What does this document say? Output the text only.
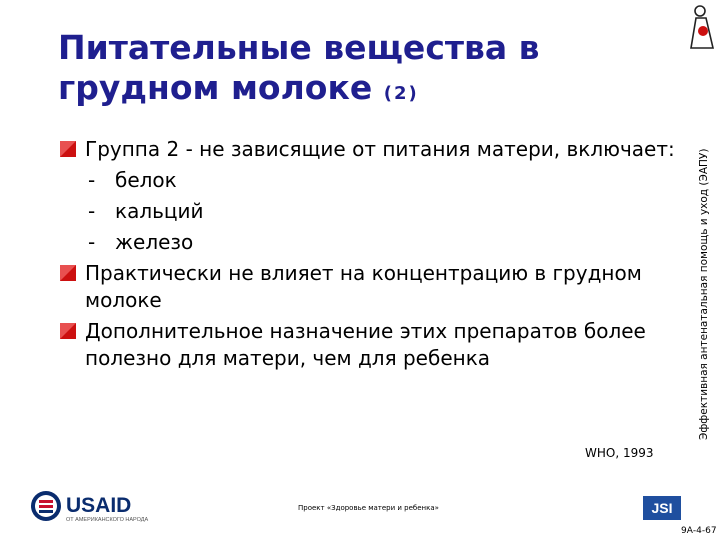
Питательные вещества в грудном молоке (2)
Эффективная антенатальная помощь и уход (ЭАПУ)

Группа 2 - не зависящие от питания матери, включает:

- белок

- кальций

- железо

Практически не влияет на концентрацию в грудном молоке

Дополнительное назначение этих препаратов более полезно для матери, чем для ребенка

WHO, 1993
USAID
ОТ АМЕРИКАНСКОГО НАРОДА
Проект «Здоровье матери и ребенка»	JSI
9А-4-67
